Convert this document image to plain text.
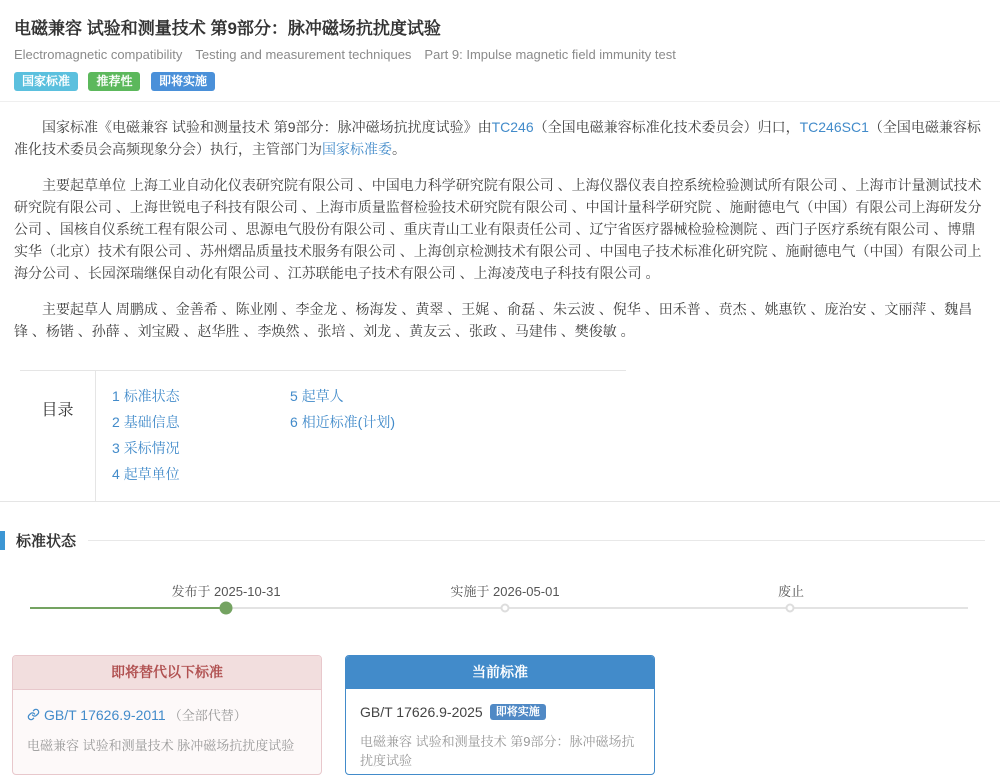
电磁兼容 试验和测量技术 第9部分：脉冲磁场抗扰度试验
Electromagnetic compatibility　Testing and measurement techniques　Part 9: Impulse magnetic field immunity test
国家标准 推荐性 即将实施

国家标准《电磁兼容 试验和测量技术 第9部分：脉冲磁场抗扰度试验》由TC246（全国电磁兼容标准化技术委员会）归口，TC246SC1（全国电磁兼容标准化技术委员会高频现象分会）执行，主管部门为国家标准委。

主要起草单位 上海工业自动化仪表研究院有限公司 、中国电力科学研究院有限公司 、上海仪器仪表自控系统检验测试所有限公司 、上海市计量测试技术研究院有限公司 、上海世锐电子科技有限公司 、上海市质量监督检验技术研究院有限公司 、中国计量科学研究院 、施耐德电气（中国）有限公司上海研发分公司 、国核自仪系统工程有限公司 、思源电气股份有限公司 、重庆青山工业有限责任公司 、辽宁省医疗器械检验检测院 、西门子医疗系统有限公司 、博鼎实华（北京）技术有限公司 、苏州熠品质量技术服务有限公司 、上海创京检测技术有限公司 、中国电子技术标准化研究院 、施耐德电气（中国）有限公司上海分公司 、长园深瑞继保自动化有限公司 、江苏联能电子技术有限公司 、上海凌茂电子科技有限公司 。

主要起草人 周鹏成 、金善希 、陈业刚 、李金龙 、杨海发 、黄翠 、王娓 、俞磊 、朱云波 、倪华 、田禾普 、贲杰 、姚惠钦 、庞治安 、文丽萍 、魏昌锋 、杨锴 、孙薛 、刘宝殿 、赵华胜 、李焕然 、张培 、刘龙 、黄友云 、张政 、马建伟 、樊俊敏 。

目录
1 标准状态
2 基础信息
3 采标情况
4 起草单位
5 起草人
6 相近标准(计划)
标准状态
发布于 2025-10-31	实施于 2026-05-01	废止
即将替代以下标准
GB/T 17626.9-2011 （全部代替）
电磁兼容 试验和测量技术 脉冲磁场抗扰度试验
当前标准
GB/T 17626.9-2025	即将实施
电磁兼容 试验和测量技术 第9部分：脉冲磁场抗扰度试验
